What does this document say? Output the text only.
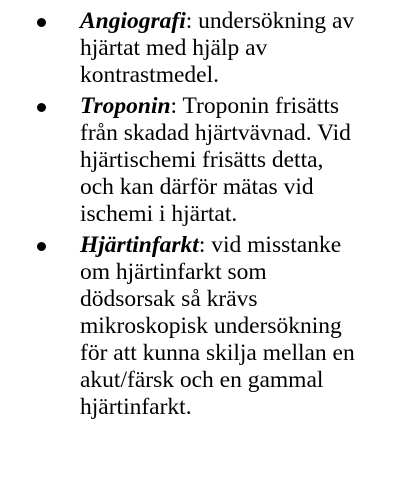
Angiografi: undersökning av
hjärtat med hjälp av
kontrastmedel.
Troponin: Troponin frisätts
från skadad hjärtvävnad. Vid
hjärtischemi frisätts detta,
och kan därför mätas vid
ischemi i hjärtat.
Hjärtinfarkt: vid misstanke
om hjärtinfarkt som
dödsorsak så krävs
mikroskopisk undersökning
för att kunna skilja mellan en
akut/färsk och en gammal
hjärtinfarkt.
